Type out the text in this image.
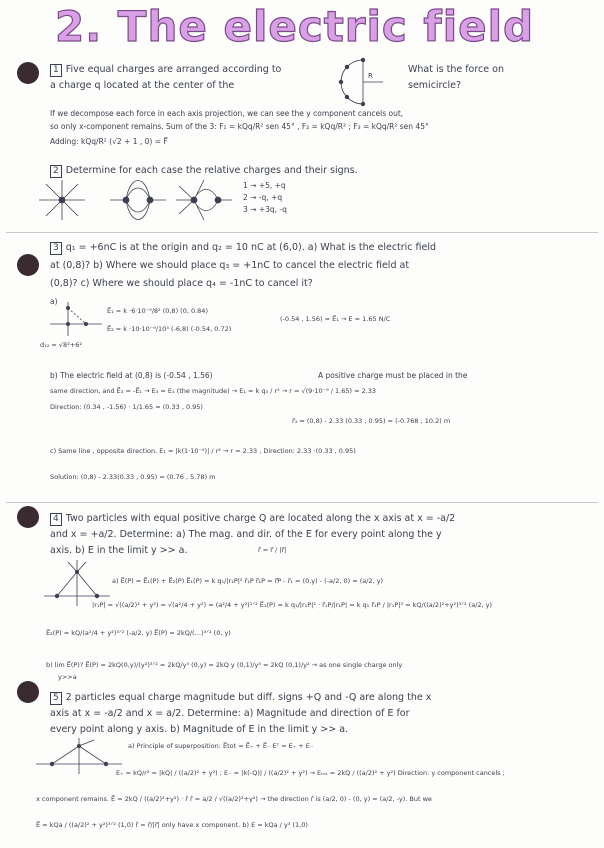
2. The electric field
1 Five equal charges are arranged according to	What is the force on
R
a charge q located at the center of the	semicircle?
If we decompose each force in each axis projection, we can see the y component cancels out,
so only x-component remains. Sum of the 3: F₁ = kQq/R² sen 45° , F₂ = kQq/R² ; F₃ = kQq/R² sen 45°
Adding: kQq/R² (√2 + 1 , 0) = F⃗
2 Determine for each case the relative charges and their signs.
1 → +5, +q
2 → -q, +q
3 → +3q, -q
3 q₁ = +6nC is at the origin and q₂ = 10 nC at (6,0). a) What is the electric field
at (0,8)? b) Where we should place q₃ = +1nC to cancel the electric field at
(0,8)? c) Where we should place q₄ = -1nC to cancel it?
a)
E⃗₁ = k ·6·10⁻⁹/8² (0,8) (0, 0.84)
E⃗₂ = k ·10·10⁻⁹/10³ (-6,8) (-0.54, 0.72)
(-0.54 , 1.56) = E⃗₁ → E = 1.65 N/C
d₁₂ = √8²+6²
b) The electric field at (0,8) is (-0.54 , 1.56)	A positive charge must be placed in the
same direction, and E⃗₃ = -E⃗₁ → E₃ = E₁ (the magnitude) → E₁ = k q₃ / r² → r = √(9·10⁻⁹ / 1.65) = 2.33
Direction: (0.34 , -1.56) · 1/1.65 = (0.33 , 0.95)
r⃗₃ = (0,8) - 2.33 (0.33 , 0.95) = (-0.768 , 10.2) m
c) Same line , opposite direction. E₁ = |k(1·10⁻⁹)| / r² → r = 2.33 , Direction: 2.33 ·(0.33 , 0.95)
Solution: (0,8) - 2.33(0.33 , 0.95) = (0.76 , 5.78) m
4 Two particles with equal positive charge Q are located along the x axis at x = -a/2
and x = +a/2. Determine: a) The mag. and dir. of the E for every point along the y
axis. b) E in the limit y >> a.	r̂ = r⃗ / |r⃗|
a) E⃗(P) = E⃗₁(P) + E⃗₂(P) E⃗₁(P) = k q₁/|r₁P|² r̂₁P r⃗₁P = r⃗P - r⃗₁ = (0,y) - (-a/2, 0) = (a/2, y)
|r₁P| = √((a/2)² + y²) = √(a²/4 + y²) = (a²/4 + y²)¹ᐟ² E⃗₁(P) = k q₁/|r₁P|² · r⃗₁P/|r₁P| = k q₁ r⃗₁P / |r₁P|³ = kQ/((a/2)²+y²)³ᐟ² (a/2, y)
E⃗₂(P) = kQ/(a²/4 + y²)³ᐟ² (-a/2, y) E⃗(P) = 2kQ/(…)³ᐟ² (0, y)
b) lim E⃗(P)? E⃗(P) = 2kQ(0,y)/(y²)³ᐟ² = 2kQ/y³ (0,y) = 2kQ y (0,1)/y³ = 2kQ (0,1)/y² → as one single charge only
y>>a
5 2 particles equal charge magnitude but diff. signs +Q and -Q are along the x
axis at x = -a/2 and x = a/2. Determine: a) Magnitude and direction of E for
every point along y axis. b) Magnitude of E in the limit y >> a.
a) Principle of superposition: E⃗tot = E⃗₊ + E⃗₋ Eᵀ = E₊ + E₋
E₊ = kQ/r² = |kQ| / ((a/2)² + y²) ; E₋ = |k(-Q)| / ((a/2)² + y²) → Eₜₒₜ = 2kQ / ((a/2)² + y²) Direction: y component cancels ;
x component remains. E⃗ = 2kQ / ((a/2)²+y²) · r̂ r̂ = a/2 / √((a/2)²+y²) → the direction r̂ is (a/2, 0) - (0, y) = (a/2, -y). But we
E⃗ = kQa / ((a/2)² + y²)³ᐟ² (1,0) r̂ = r⃗/|r⃗| only have x component. b) E = kQa / y³ (1,0)
